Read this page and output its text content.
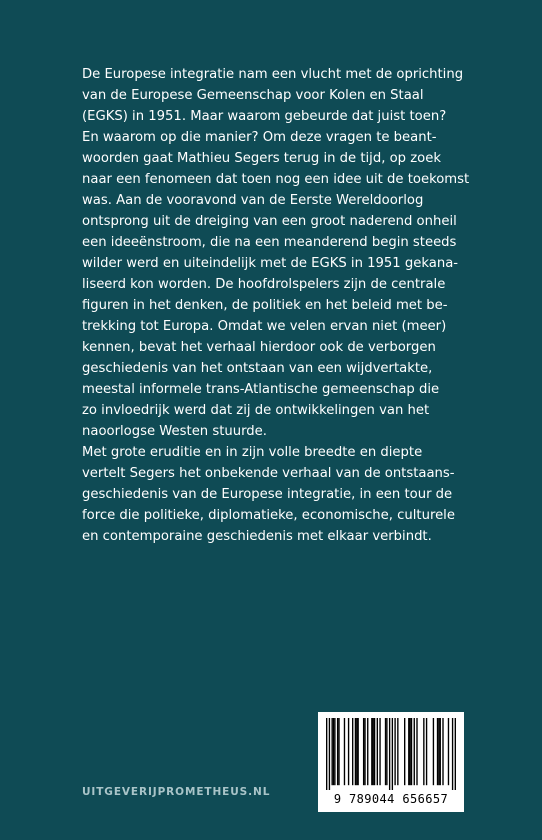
De Europese integratie nam een vlucht met de oprichting
van de Europese Gemeenschap voor Kolen en Staal
(EGKS) in 1951. Maar waarom gebeurde dat juist toen?
En waarom op die manier? Om deze vragen te beant-
woorden gaat Mathieu Segers terug in de tijd, op zoek
naar een fenomeen dat toen nog een idee uit de toekomst
was. Aan de vooravond van de Eerste Wereldoorlog
ontsprong uit de dreiging van een groot naderend onheil
een ideeënstroom, die na een meanderend begin steeds
wilder werd en uiteindelijk met de EGKS in 1951 gekana-
liseerd kon worden. De hoofdrolspelers zijn de centrale
figuren in het denken, de politiek en het beleid met be-
trekking tot Europa. Omdat we velen ervan niet (meer)
kennen, bevat het verhaal hierdoor ook de verborgen
geschiedenis van het ontstaan van een wijdvertakte,
meestal informele trans-Atlantische gemeenschap die
zo invloedrijk werd dat zij de ontwikkelingen van het
naoorlogse Westen stuurde.
Met grote eruditie en in zijn volle breedte en diepte
vertelt Segers het onbekende verhaal van de ontstaans-
geschiedenis van de Europese integratie, in een tour de
force die politieke, diplomatieke, economische, culturele
en contemporaine geschiedenis met elkaar verbindt.
UITGEVERIJPROMETHEUS.NL	9 789044 656657
